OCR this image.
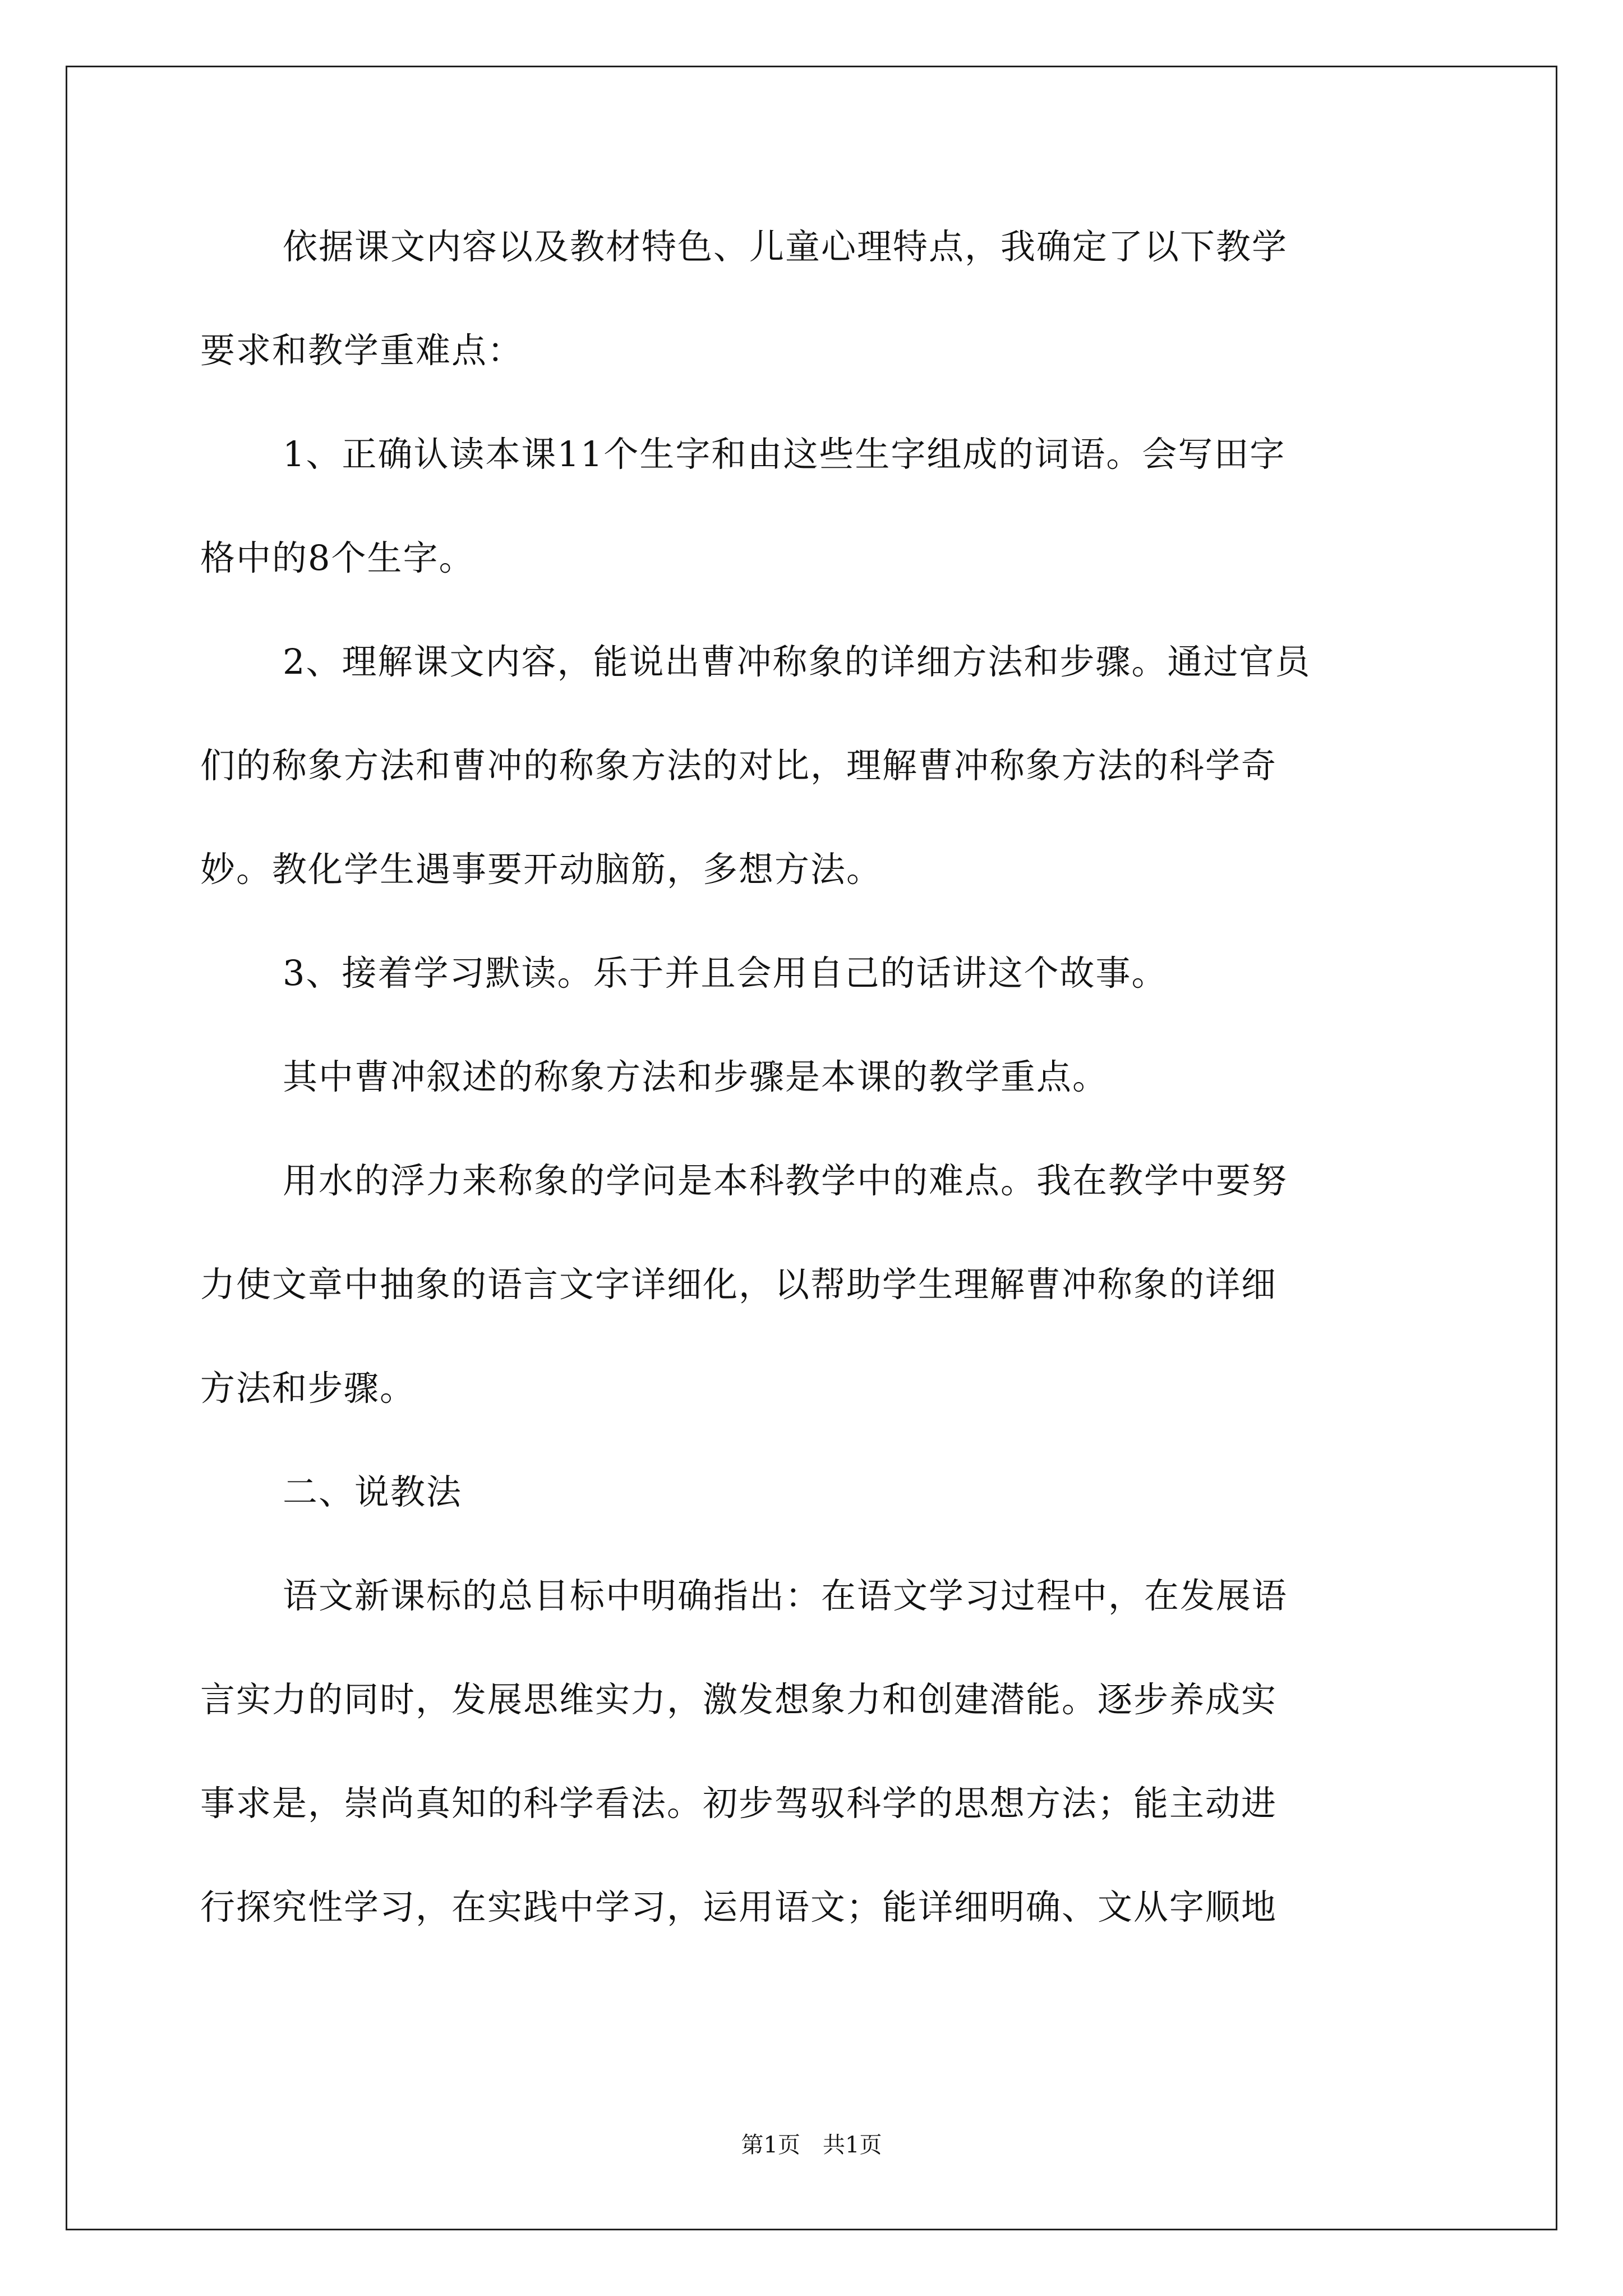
依据课文内容以及教材特色、儿童心理特点，我确定了以下教学
要求和教学重难点：
1、正确认读本课11个生字和由这些生字组成的词语。会写田字
格中的8个生字。
2、理解课文内容，能说出曹冲称象的详细方法和步骤。通过官员
们的称象方法和曹冲的称象方法的对比，理解曹冲称象方法的科学奇
妙。教化学生遇事要开动脑筋，多想方法。
3、接着学习默读。乐于并且会用自己的话讲这个故事。
其中曹冲叙述的称象方法和步骤是本课的教学重点。
用水的浮力来称象的学问是本科教学中的难点。我在教学中要努
力使文章中抽象的语言文字详细化，以帮助学生理解曹冲称象的详细
方法和步骤。
二、说教法
语文新课标的总目标中明确指出：在语文学习过程中，在发展语
言实力的同时，发展思维实力，激发想象力和创建潜能。逐步养成实
事求是，崇尚真知的科学看法。初步驾驭科学的思想方法；能主动进
行探究性学习，在实践中学习，运用语文；能详细明确、文从字顺地
第1页 共1页
